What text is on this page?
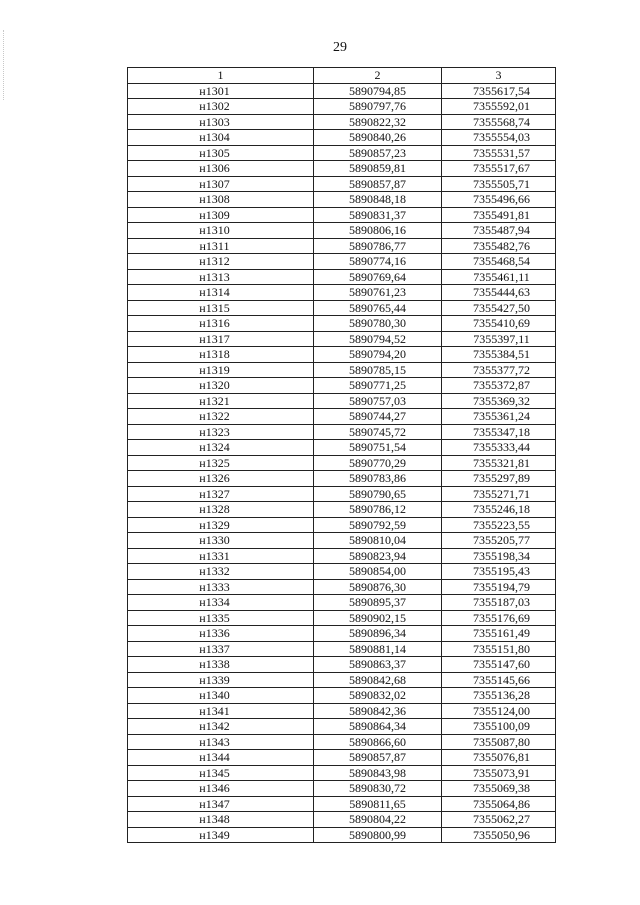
29
1	2	3
н1301	5890794,85	7355617,54
н1302	5890797,76	7355592,01
н1303	5890822,32	7355568,74
н1304	5890840,26	7355554,03
н1305	5890857,23	7355531,57
н1306	5890859,81	7355517,67
н1307	5890857,87	7355505,71
н1308	5890848,18	7355496,66
н1309	5890831,37	7355491,81
н1310	5890806,16	7355487,94
н1311	5890786,77	7355482,76
н1312	5890774,16	7355468,54
н1313	5890769,64	7355461,11
н1314	5890761,23	7355444,63
н1315	5890765,44	7355427,50
н1316	5890780,30	7355410,69
н1317	5890794,52	7355397,11
н1318	5890794,20	7355384,51
н1319	5890785,15	7355377,72
н1320	5890771,25	7355372,87
н1321	5890757,03	7355369,32
н1322	5890744,27	7355361,24
н1323	5890745,72	7355347,18
н1324	5890751,54	7355333,44
н1325	5890770,29	7355321,81
н1326	5890783,86	7355297,89
н1327	5890790,65	7355271,71
н1328	5890786,12	7355246,18
н1329	5890792,59	7355223,55
н1330	5890810,04	7355205,77
н1331	5890823,94	7355198,34
н1332	5890854,00	7355195,43
н1333	5890876,30	7355194,79
н1334	5890895,37	7355187,03
н1335	5890902,15	7355176,69
н1336	5890896,34	7355161,49
н1337	5890881,14	7355151,80
н1338	5890863,37	7355147,60
н1339	5890842,68	7355145,66
н1340	5890832,02	7355136,28
н1341	5890842,36	7355124,00
н1342	5890864,34	7355100,09
н1343	5890866,60	7355087,80
н1344	5890857,87	7355076,81
н1345	5890843,98	7355073,91
н1346	5890830,72	7355069,38
н1347	5890811,65	7355064,86
н1348	5890804,22	7355062,27
н1349	5890800,99	7355050,96
